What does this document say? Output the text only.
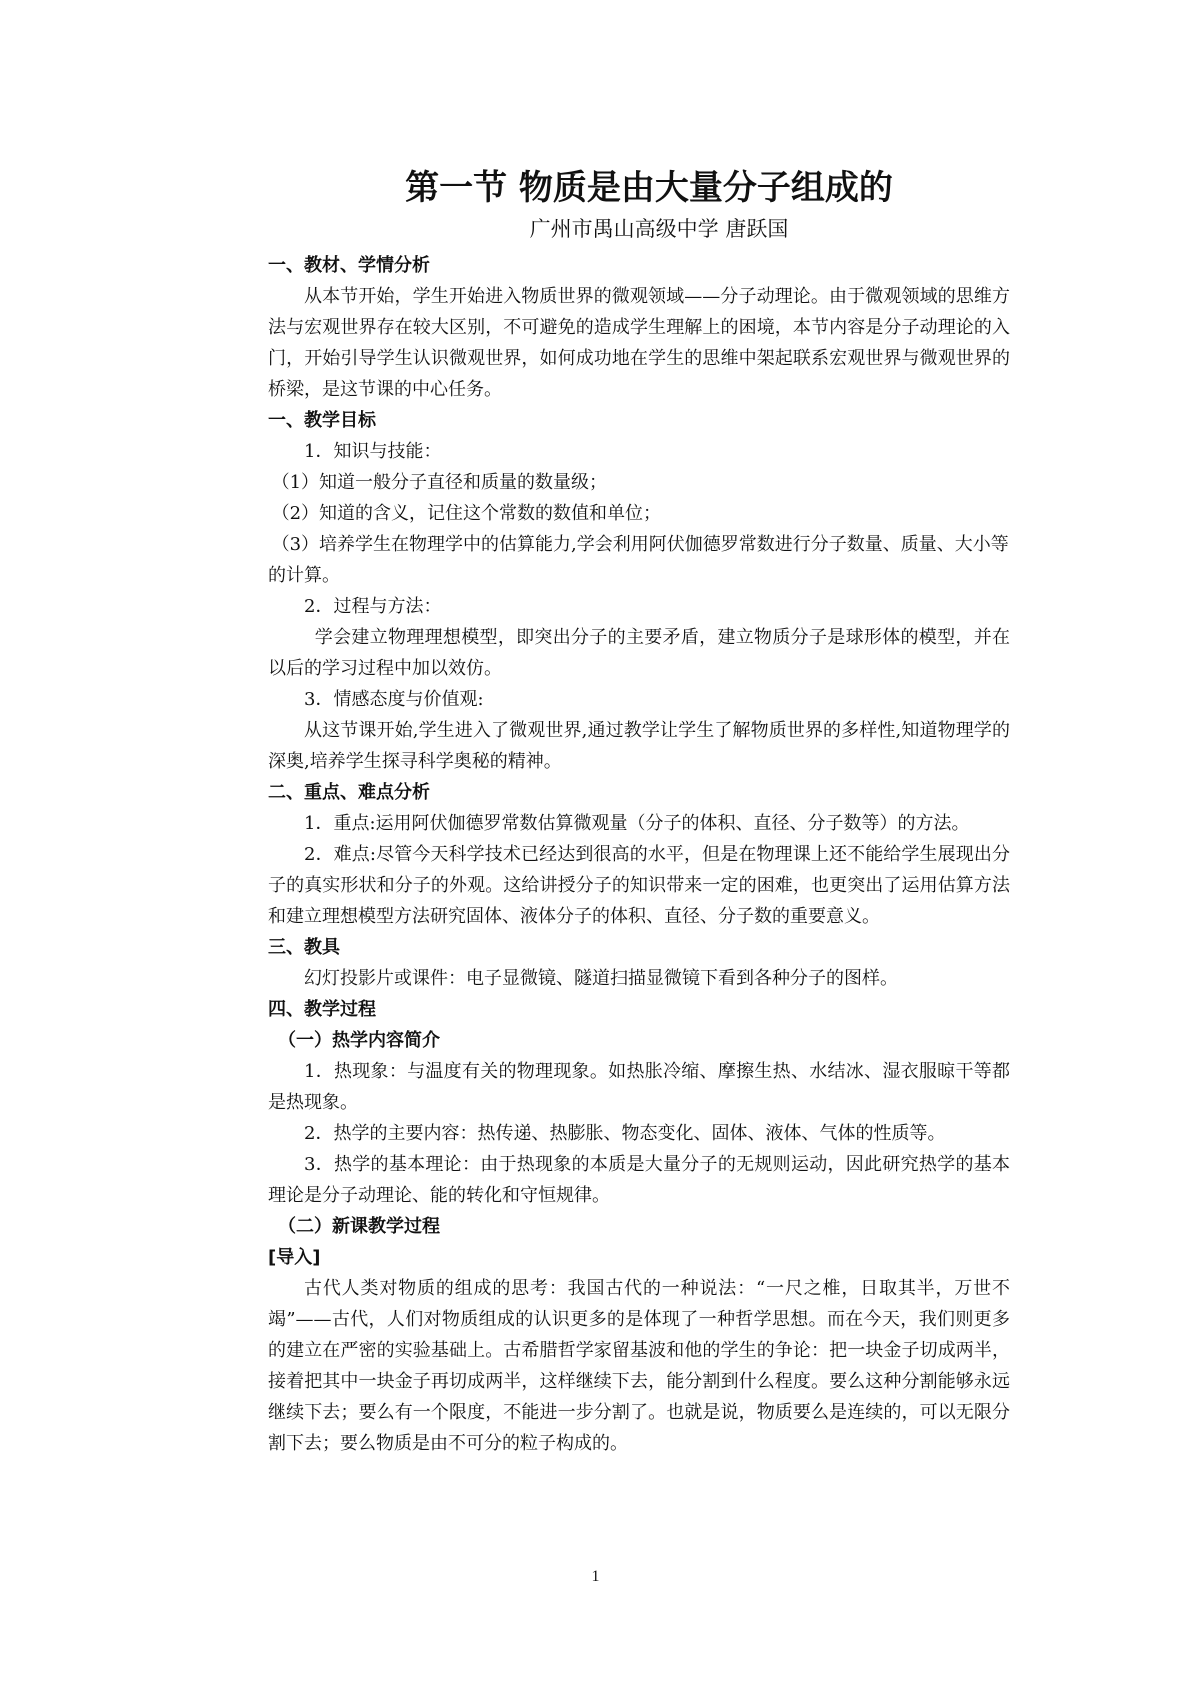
第一节 物质是由大量分子组成的
广州市禺山高级中学 唐跃国
一、教材、学情分析

从本节开始，学生开始进入物质世界的微观领域——分子动理论。由于微观领域的思维方法与宏观世界存在较大区别，不可避免的造成学生理解上的困境，本节内容是分子动理论的入门，开始引导学生认识微观世界，如何成功地在学生的思维中架起联系宏观世界与微观世界的桥梁，是这节课的中心任务。

一、教学目标

1．知识与技能：

（1）知道一般分子直径和质量的数量级；

（2）知道的含义，记住这个常数的数值和单位；

（3）培养学生在物理学中的估算能力,学会利用阿伏伽德罗常数进行分子数量、质量、大小等的计算。

2．过程与方法：

学会建立物理理想模型，即突出分子的主要矛盾，建立物质分子是球形体的模型，并在以后的学习过程中加以效仿。

3．情感态度与价值观:

从这节课开始,学生进入了微观世界,通过教学让学生了解物质世界的多样性,知道物理学的深奥,培养学生探寻科学奥秘的精神。

二、重点、难点分析

1．重点:运用阿伏伽德罗常数估算微观量（分子的体积、直径、分子数等）的方法。

2．难点:尽管今天科学技术已经达到很高的水平，但是在物理课上还不能给学生展现出分子的真实形状和分子的外观。这给讲授分子的知识带来一定的困难，也更突出了运用估算方法和建立理想模型方法研究固体、液体分子的体积、直径、分子数的重要意义。

三、教具

幻灯投影片或课件：电子显微镜、隧道扫描显微镜下看到各种分子的图样。

四、教学过程
（一）热学内容简介

1．热现象：与温度有关的物理现象。如热胀冷缩、摩擦生热、水结冰、湿衣服晾干等都是热现象。

2．热学的主要内容：热传递、热膨胀、物态变化、固体、液体、气体的性质等。

3．热学的基本理论：由于热现象的本质是大量分子的无规则运动，因此研究热学的基本理论是分子动理论、能的转化和守恒规律。

（二）新课教学过程
[导入]

古代人类对物质的组成的思考：我国古代的一种说法：“一尺之椎，日取其半，万世不竭”——古代，人们对物质组成的认识更多的是体现了一种哲学思想。而在今天，我们则更多的建立在严密的实验基础上。古希腊哲学家留基波和他的学生的争论：把一块金子切成两半，接着把其中一块金子再切成两半，这样继续下去，能分割到什么程度。要么这种分割能够永远继续下去；要么有一个限度，不能进一步分割了。也就是说，物质要么是连续的，可以无限分割下去；要么物质是由不可分的粒子构成的。

1
